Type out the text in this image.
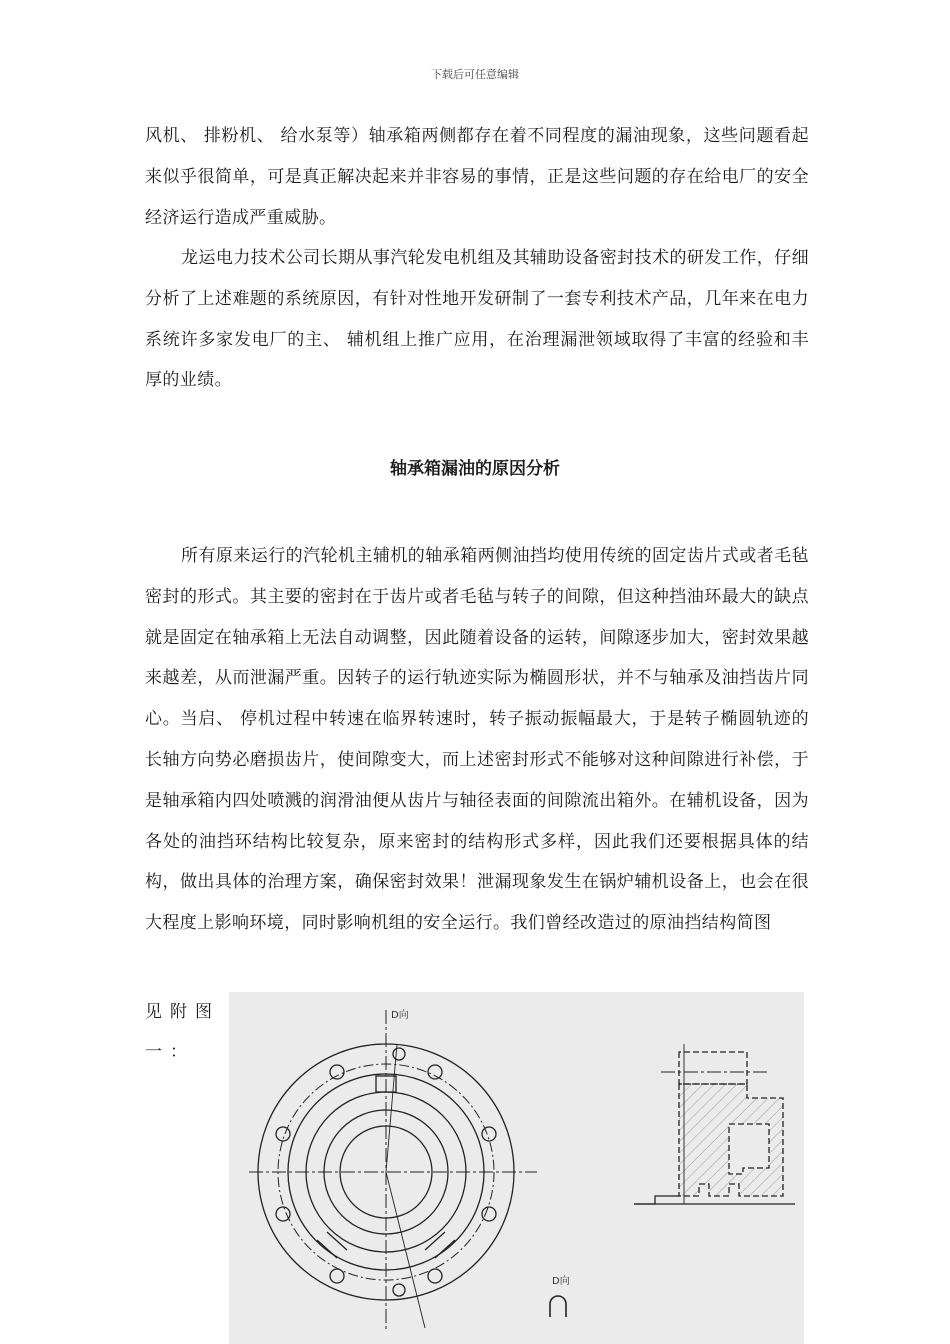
下载后可任意编辑

风机、 排粉机、 给水泵等）轴承箱两侧都存在着不同程度的漏油现象，这些问题看起来似乎很简单，可是真正解决起来并非容易的事情，正是这些问题的存在给电厂的安全经济运行造成严重威胁。

龙运电力技术公司长期从事汽轮发电机组及其辅助设备密封技术的研发工作，仔细分析了上述难题的系统原因，有针对性地开发研制了一套专利技术产品，几年来在电力系统许多家发电厂的主、 辅机组上推广应用，在治理漏泄领域取得了丰富的经验和丰厚的业绩。

轴承箱漏油的原因分析

所有原来运行的汽轮机主辅机的轴承箱两侧油挡均使用传统的固定齿片式或者毛毡密封的形式。其主要的密封在于齿片或者毛毡与转子的间隙，但这种挡油环最大的缺点就是固定在轴承箱上无法自动调整，因此随着设备的运转，间隙逐步加大，密封效果越来越差，从而泄漏严重。因转子的运行轨迹实际为椭圆形状，并不与轴承及油挡齿片同心。当启、 停机过程中转速在临界转速时，转子振动振幅最大，于是转子椭圆轨迹的长轴方向势必磨损齿片，使间隙变大，而上述密封形式不能够对这种间隙进行补偿，于是轴承箱内四处喷溅的润滑油便从齿片与轴径表面的间隙流出箱外。在辅机设备，因为各处的油挡环结构比较复杂，原来密封的结构形式多样，因此我们还要根据具体的结构，做出具体的治理方案，确保密封效果！泄漏现象发生在锅炉辅机设备上，也会在很大程度上影响环境，同时影响机组的安全运行。我们曾经改造过的原油挡结构简图

见附图
一：
D向
D向
